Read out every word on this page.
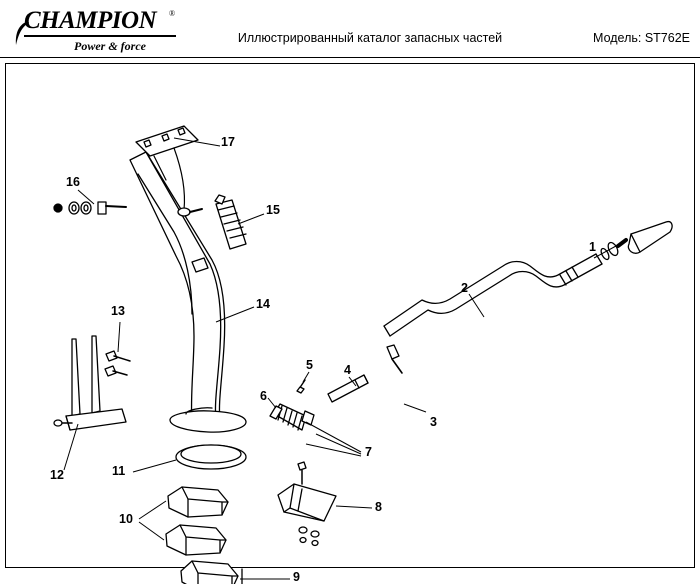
CHAMPION ®
Power & force
Иллюстрированный каталог запасных частей	Модель: ST762E
1
2
3
4
5
6
7
8
9
10
11
12
13	14
15
16
17
